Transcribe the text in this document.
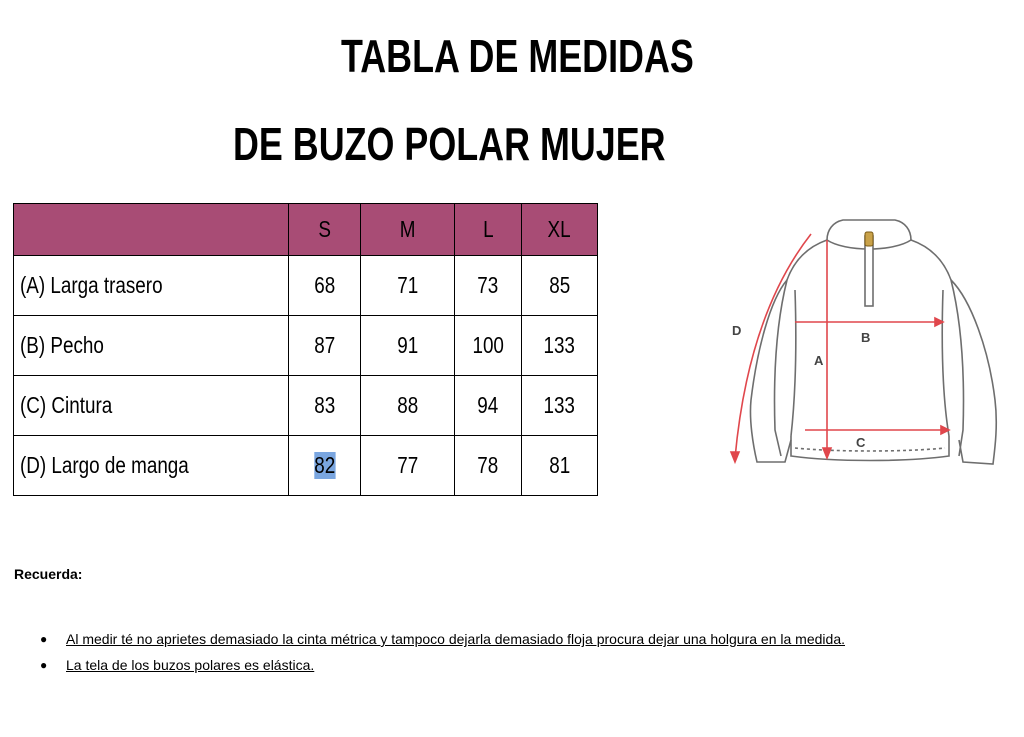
TABLA DE MEDIDAS
DE BUZO POLAR MUJER
	S	M	L	XL
(A) Larga trasero	68	71	73	85
(B) Pecho	87	91	100	133
(C) Cintura	83	88	94	133
(D) Largo de manga	82	77	78	81
D
A
B
C
Recuerda:
● Al medir té no aprietes demasiado la cinta métrica y tampoco dejarla demasiado floja procura dejar una holgura en la medida.
● La tela de los buzos polares es elástica.
